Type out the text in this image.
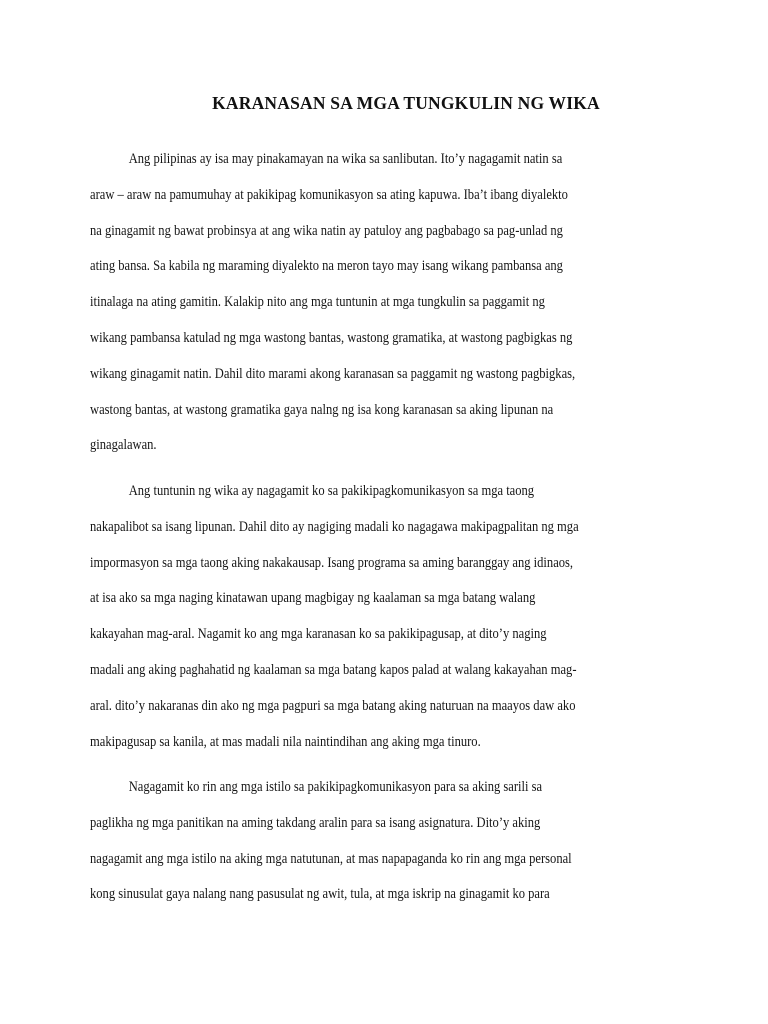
KARANASAN SA MGA TUNGKULIN NG WIKA

Ang pilipinas ay isa may pinakamayan na wika sa sanlibutan. Ito’y nagagamit natin sa
araw – araw na pamumuhay at pakikipag komunikasyon sa ating kapuwa. Iba’t ibang diyalekto
na ginagamit ng bawat probinsya at ang wika natin ay patuloy ang pagbabago sa pag-unlad ng
ating bansa. Sa kabila ng maraming diyalekto na meron tayo may isang wikang pambansa ang
itinalaga na ating gamitin. Kalakip nito ang mga tuntunin at mga tungkulin sa paggamit ng
wikang pambansa katulad ng mga wastong bantas, wastong gramatika, at wastong pagbigkas ng
wikang ginagamit natin. Dahil dito marami akong karanasan sa paggamit ng wastong pagbigkas,
wastong bantas, at wastong gramatika gaya nalng ng isa kong karanasan sa aking lipunan na
ginagalawan.

Ang tuntunin ng wika ay nagagamit ko sa pakikipagkomunikasyon sa mga taong
nakapalibot sa isang lipunan. Dahil dito ay nagiging madali ko nagagawa makipagpalitan ng mga
impormasyon sa mga taong aking nakakausap. Isang programa sa aming baranggay ang idinaos,
at isa ako sa mga naging kinatawan upang magbigay ng kaalaman sa mga batang walang
kakayahan mag-aral. Nagamit ko ang mga karanasan ko sa pakikipagusap, at dito’y naging
madali ang aking paghahatid ng kaalaman sa mga batang kapos palad at walang kakayahan mag-
aral. dito’y nakaranas din ako ng mga pagpuri sa mga batang aking naturuan na maayos daw ako
makipagusap sa kanila, at mas madali nila naintindihan ang aking mga tinuro.

Nagagamit ko rin ang mga istilo sa pakikipagkomunikasyon para sa aking sarili sa
paglikha ng mga panitikan na aming takdang aralin para sa isang asignatura. Dito’y aking
nagagamit ang mga istilo na aking mga natutunan, at mas napapaganda ko rin ang mga personal
kong sinusulat gaya nalang nang pasusulat ng awit, tula, at mga iskrip na ginagamit ko para
